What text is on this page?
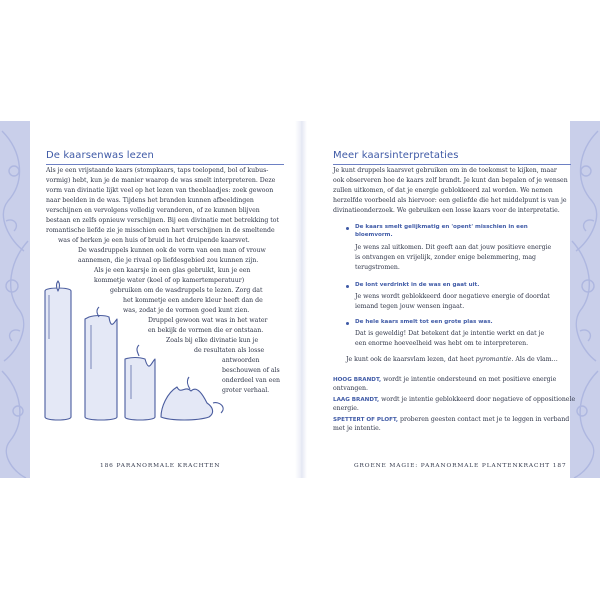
De kaarsenwas lezen
Als je een vrijstaande kaars (stompkaars, taps toelopend, bol of kubus-
vormig) hebt, kun je de manier waarop de was smelt interpreteren. Deze
vorm van divinatie lijkt veel op het lezen van theeblaadjes: zoek gewoon
naar beelden in de was. Tijdens het branden kunnen afbeeldingen
verschijnen en vervolgens volledig veranderen, of ze kunnen blijven
bestaan en zelfs opnieuw verschijnen. Bij een divinatie met betrekking tot
romantische liefde zie je misschien een hart verschijnen in de smeltende
was of herken je een huis of bruid in het druipende kaarsvet.
De wasdruppels kunnen ook de vorm van een man of vrouw
aannemen, die je rivaal op liefdesgebied zou kunnen zijn.
Als je een kaarsje in een glas gebruikt, kun je een
kommetje water (koel of op kamertemperatuur)
gebruiken om de wasdruppels te lezen. Zorg dat
het kommetje een andere kleur heeft dan de
was, zodat je de vormen goed kunt zien.
Druppel gewoon wat was in het water
en bekijk de vormen die er ontstaan.
Zoals bij elke divinatie kun je
de resultaten als losse
antwoorden
beschouwen of als
onderdeel van een
groter verhaal.
186 PARANORMALE KRACHTEN
Meer kaarsinterpretaties
Je kunt druppels kaarsvet gebruiken om in de toekomst te kijken, maar
ook observeren hoe de kaars zelf brandt. Je kunt dan bepalen of je wensen
zullen uitkomen, of dat je energie geblokkeerd zal worden. We nemen
herzelfde voorbeeld als hiervoor: een geliefde die het middelpunt is van je
divinatieonderzoek. We gebruiken een losse kaars voor de interpretatie.
De kaars smelt gelijkmatig en 'opent' misschien in een
bloemvorm.
Je wens zal uitkomen. Dit geeft aan dat jouw positieve energie
is ontvangen en vrijelijk, zonder enige belemmering, mag
terugstromen.
De lont verdrinkt in de was en gaat uit.
Je wens wordt geblokkeerd door negatieve energie of doordat
iemand tegen jouw wensen ingaat.
De hele kaars smelt tot een grote plas was.
Dat is geweldig! Dat betekent dat je intentie werkt en dat je
een enorme hoeveelheid was hebt om te interpreteren.
Je kunt ook de kaarsvlam lezen, dat heet pyromantie. Als de vlam…
HOOG BRANDT, wordt je intentie ondersteund en met positieve energie
ontvangen.
LAAG BRANDT, wordt je intentie geblokkeerd door negatieve of oppositionele
energie.
SPETTERT OF PLOFT, proberen geesten contact met je te leggen in verband
met je intentie.
GROENE MAGIE: PARANORMALE PLANTENKRACHT 187
